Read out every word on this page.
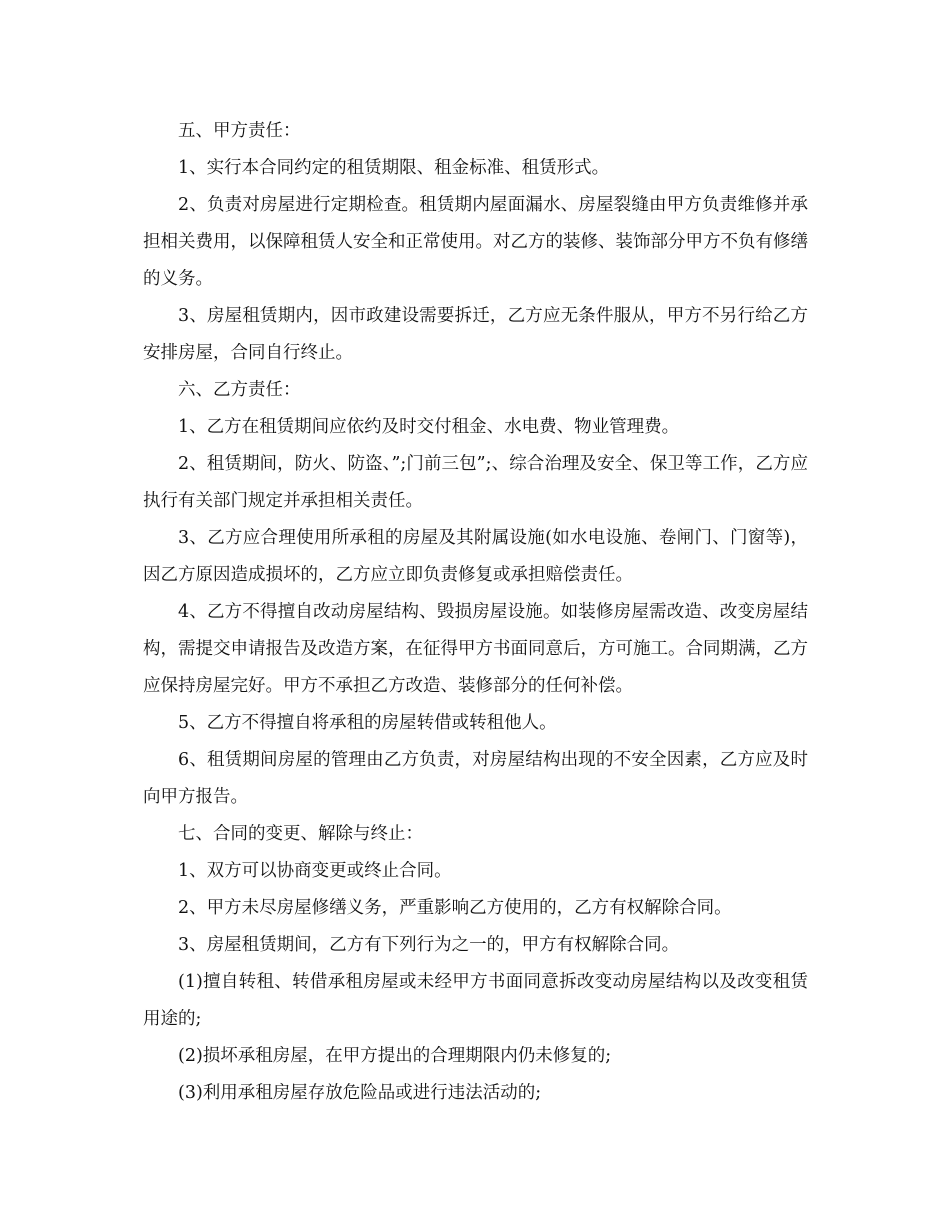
五、甲方责任：

1、实行本合同约定的租赁期限、租金标准、租赁形式。

2、负责对房屋进行定期检查。租赁期内屋面漏水、房屋裂缝由甲方负责维修并承担相关费用，以保障租赁人安全和正常使用。对乙方的装修、装饰部分甲方不负有修缮的义务。

3、房屋租赁期内，因市政建设需要拆迁，乙方应无条件服从，甲方不另行给乙方安排房屋，合同自行终止。

六、乙方责任：

1、乙方在租赁期间应依约及时交付租金、水电费、物业管理费。

2、租赁期间，防火、防盗、”;门前三包”;、综合治理及安全、保卫等工作，乙方应执行有关部门规定并承担相关责任。

3、乙方应合理使用所承租的房屋及其附属设施(如水电设施、卷闸门、门窗等)，因乙方原因造成损坏的，乙方应立即负责修复或承担赔偿责任。

4、乙方不得擅自改动房屋结构、毁损房屋设施。如装修房屋需改造、改变房屋结构，需提交申请报告及改造方案，在征得甲方书面同意后，方可施工。合同期满，乙方应保持房屋完好。甲方不承担乙方改造、装修部分的任何补偿。

5、乙方不得擅自将承租的房屋转借或转租他人。

6、租赁期间房屋的管理由乙方负责，对房屋结构出现的不安全因素，乙方应及时向甲方报告。

七、合同的变更、解除与终止：

1、双方可以协商变更或终止合同。

2、甲方未尽房屋修缮义务，严重影响乙方使用的，乙方有权解除合同。

3、房屋租赁期间，乙方有下列行为之一的，甲方有权解除合同。

(1)擅自转租、转借承租房屋或未经甲方书面同意拆改变动房屋结构以及改变租赁用途的;

(2)损坏承租房屋，在甲方提出的合理期限内仍未修复的;

(3)利用承租房屋存放危险品或进行违法活动的;
